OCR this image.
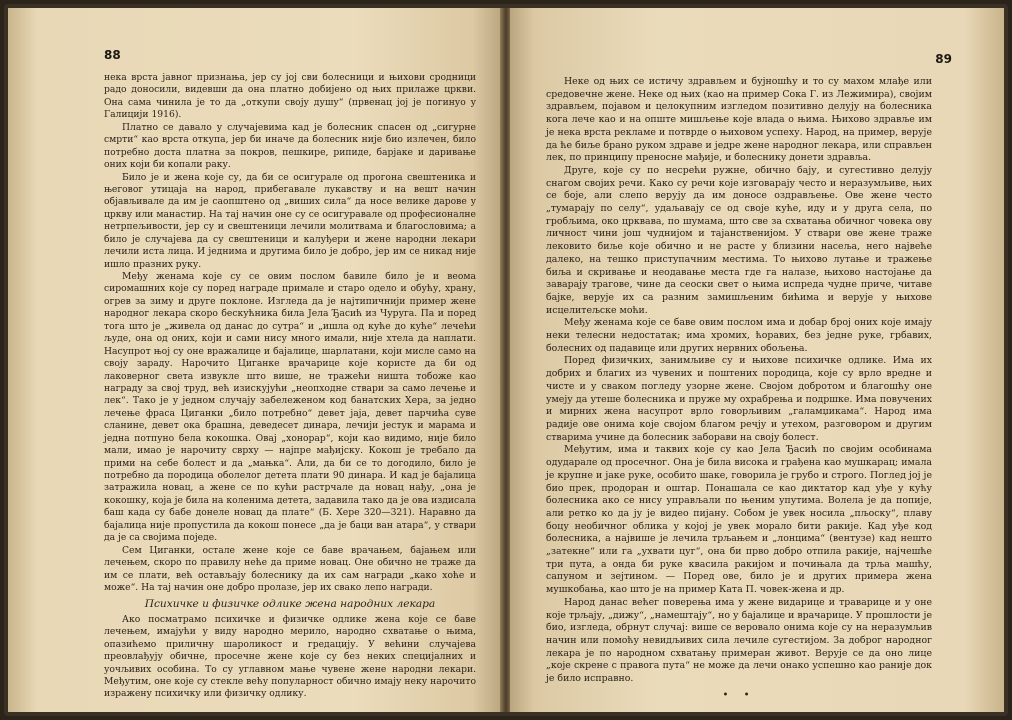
88

нека врста јавног признања, јер су јој сви болесници и њихови сродници радо доносили, видевши да она платно добијено од њих прилаже цркви. Она сама чинила је то да „откупи своју душу“ (првенац јој је погинуо у Галицији 1916).

Платно се давало у случајевима кад је болесник спасен од „сигурне смрти“ као врста откупа, јер би иначе да болесник није био излечен, било потребно доста платна за покров, пешкире, рипиде, барјаке и даривање оних који би копали раку.

Било је и жена које су, да би се осигурале од прогона свештеника и његовог утицаја на народ, прибегавале лукавству и на вешт начин објављивале да им је саопштено од „виших сила“ да носе велике дарове у цркву или манастир. На тај начин оне су се осигуравале од професионалне нетрпељивости, јер су и свештеници лечили молитвама и благословима; а било је случајева да су свештеници и калуђери и жене народни лекари лечили иста лица. И једнима и другима било је добро, јер им се никад није ишло празних руку.

Међу женама које су се овим послом бавиле било је и веома сиромашних које су поред награде примале и старо одело и обућу, храну, огрев за зиму и друге поклоне. Изгледа да је најтипичнији пример жене народног лекара скоро бескућника била Јела Ђасић из Чуруга. Па и поред тога што је „живела од данас до сутра“ и „ишла од куће до куће“ лечећи људе, она од оних, који и сами нису много имали, није хтела да наплати. Насупрот њој су оне вражалице и бајалице, шарлатани, који мисле само на своју зараду. Нарочито Циганке врачарице које користе да би од лаковерног света извукле што више, не тражећи ништа тобоже као награду за свој труд, већ изискујући „неопходне ствари за само лечење и лек“. Тако је у једном случају забележеном код банатских Хера, за једно лечење фраса Циганки „било потребно“ девет јаја, девет парчића суве сланине, девет ока брашна, деведесет динара, лечији јестук и марама и једна потпуно бела кокошка. Овај „хонорар“, који као видимо, није било мали, имао је нарочиту сврху — најпре мађијску. Кокош је требало да прими на себе болест и да „мањка“. Али, да би се то догодило, било је потребно да породица оболелог детета плати 90 динара. И кад је бајалица затражила новац, а жене се по кући растрчале да новац нађу, „она је кокошку, која је била на коленима детета, задавила тако да је ова издисала баш када су бабе донеле новац да плате“ (Б. Хере 320—321). Наравно да бајалица није пропустила да кокош понесе „да је баци ван атара“, у ствари да је са својима поједе.

Сем Циганки, остале жене које се баве врачањем, бајањем или лечењем, скоро по правилу неће да приме новац. Оне обично не траже да им се плати, већ остављају болеснику да их сам награди „како хоће и може“. На тај начин оне добро пролазе, јер их свако лепо награди.

Психичке и физичке одлике жена народних лекара

Ако посматрамо психичке и физичке одлике жена које се баве лечењем, имајући у виду народно мерило, народно схватање о њима, опазићемо приличну шароликост и гредацију. У већини случајева преовлађују обичне, просечне жене које су без неких специјалних и уочљивих особина. То су углавном мање чувене жене народни лекари. Међутим, оне које су стекле већу популарност обично имају неку нарочито изражену психичку или физичку одлику.

89

Неке од њих се истичу здрављем и бујношћу и то су махом млађе или средовечне жене. Неке од њих (као на пример Сока Г. из Лежимира), својим здрављем, појавом и целокупним изгледом позитивно делују на болесника кога лече као и на опште мишљење које влада о њима. Њихово здравље им је нека врста рекламе и потврде о њиховом успеху. Народ, на пример, верује да ће биље брано руком здраве и једре жене народног лекара, или справљен лек, по принципу преносне мађије, и болеснику донети здравља.

Друге, које су по несрећи ружне, обично бају, и сугестивно делују снагом својих речи. Како су речи које изговарају често и неразумљиве, њих се боје, али слепо верују да им доносе оздрављење. Ове жене често „тумарају по селу“, удаљавају се од своје куће, иду и у друга села, по гробљима, око црквава, по шумама, што све за схватања обичног човека ову личност чини још чуднијом и тајанственијом. У ствари ове жене траже лековито биље које обично и не расте у близини насеља, него највеће далеко, на тешко приступачним местима. То њихово лутање и тражење биља и скривање и неодавање места где га налазе, њихово настојање да заварају трагове, чине да сеоски свет о њима испреда чудне приче, читаве бајке, верује их са разним замишљеним бићима и верује у њихове исцелитељске моћи.

Међу женама које се баве овим послом има и добар број оних које имају неки телесни недостатак; има хромих, ћоравих, без једне руке, грбавих, болесних од падавице или других нервних обољења.

Поред физичких, занимљиве су и њихове психичке одлике. Има их добрих и благих из чувених и поштених породица, које су врло вредне и чисте и у сваком погледу узорне жене. Својом добротом и благошћу оне умеју да утеше болесника и пруже му охрабрења и подршке. Има повучених и мирних жена насупрот врло говорљивим „галамџикама“. Народ има радије ове онима које својом благом речју и утехом, разговором и другим стварима учине да болесник заборави на своју болест.

Међутим, има и таквих које су као Јела Ђасић по својим особинама одударале од просечног. Она је била висока и грађена као мушкарац; имала је крупне и јаке руке, особито шаке, говорила је грубо и строго. Поглед јој је био прек, продоран и оштар. Понашала се као диктатор кад уђе у кућу болесника ако се нису управљали по њеним упутима. Волела је да попије, али ретко ко да ју је видео пијану. Собом је увек носила „пљоску“, плаву боцу необичног облика у којој је увек морало бити ракије. Кад уђе код болесника, а највише је лечила трљањем и „лонцима“ (вентузе) кад нешто „затекне“ или га „ухвати цуг“, она би прво добро отпила ракије, најчешће три пута, а онда би руке квасила ракијом и почињала да трља машћу, сапуном и зејтином. — Поред ове, било је и других примера жена мушкобања, као што је на пример Ката П. човек-жена и др.

Народ данас већег поверења има у жене видарице и траварице и у оне које трљају, „дижу“, „намештају“, но у бајалице и врачарице. У прошлости је био, изгледа, обрнут случај: више се веровало онима које су на неразумљив начин или помоћу невидљивих сила лечиле сугестијом. За доброг народног лекара је по народном схватању примеран живот. Верује се да оно лице „које скрене с правога пута“ не може да лечи онако успешно као раније док је било исправно.

• •
